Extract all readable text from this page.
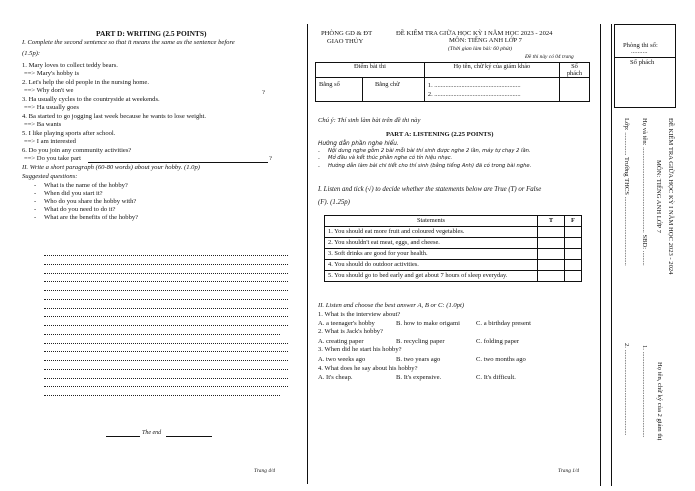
PART D: WRITING (2.5 POINTS)
I. Complete the second sentence so that it means the same as the sentence before
(1.5p):
1. Mary loves to collect teddy bears.
==> Mary's hobby is
2. Let's help the old people in the nursing home.
==> Why don't we	?
3. Ha usually cycles to the countryside at weekends.
==> Ha usually goes
4. Ba started to go jogging last week because he wants to lose weight.
==> Ba wants
5. I like playing sports after school.
==> I am interested
6. Do you join any community activities?
==> Do you take part	?
II. Write a short paragraph (60-80 words) about your hobby. (1.0p)
Suggested questions:
- What is the name of the hobby?
- When did you start it?
- Who do you share the hobby with?
- What do you need to do it?
- What are the benefits of the hobby?
The end
Trang 4/4
PHÒNG GD & ĐT
GIAO THỦY
ĐỀ KIỂM TRA GIỮA HỌC KỲ I NĂM HỌC 2023 - 2024
MÔN: TIẾNG ANH LỚP 7
(Thời gian làm bài: 60 phút)
Đề thi này có 04 trang
Điểm bài thi		Họ tên, chữ ký của giám khảo	Số phách
Bằng số	Bằng chữ	1. ......................................................
2. ......................................................	

Chú ý: Thí sinh làm bài trên đề thi này
PART A: LISTENING (2.25 POINTS)
Hướng dẫn phần nghe hiểu.
- Nội dung nghe gồm 2 bài mỗi bài thí sinh được nghe 2 lần, máy tự chạy 2 lần.
- Mở đầu và kết thúc phần nghe có tín hiệu nhạc.
- Hướng dẫn làm bài chi tiết cho thí sinh (bằng tiếng Anh) đã có trong bài nghe.
I. Listen and tick (√) to decide whether the statements below are True (T) or False
(F). (1.25p)
Statements	T	F
1. You should eat more fruit and coloured vegetables.		
2. You shouldn't eat meat, eggs, and cheese.		
3. Soft drinks are good for your health.		
4. You should do outdoor activities.		
5. You should go to bed early and get about 7 hours of sleep everyday.		
II. Listen and choose the best answer A, B or C: (1.0pt)
1. What is the interview about?
A. a teenager's hobby	B. how to make origami	C. a birthday present
2. What is Jack's hobby?
A. creating paper	B. recycling paper	C. folding paper
3. When did he start his hobby?
A. two weeks ago	B. two years ago	C. two months ago
4. What does he say about his hobby?
A. It's cheap.	B. It's expensive.	C. It's difficult.
Trang 1/4
Phòng thi số:
..........
Số phách
ĐỀ KIỂM TRA GIỮA HỌC KỲ I NĂM HỌC 2023 - 2024
MÔN: TIẾNG ANH LỚP 7
Họ và tên: .................................................... SBD: .........
Lớp: .............. Trường THCS ..........................................
1. ....................................................
2. ....................................................	Họ tên, chữ ký của 2 giám thị
